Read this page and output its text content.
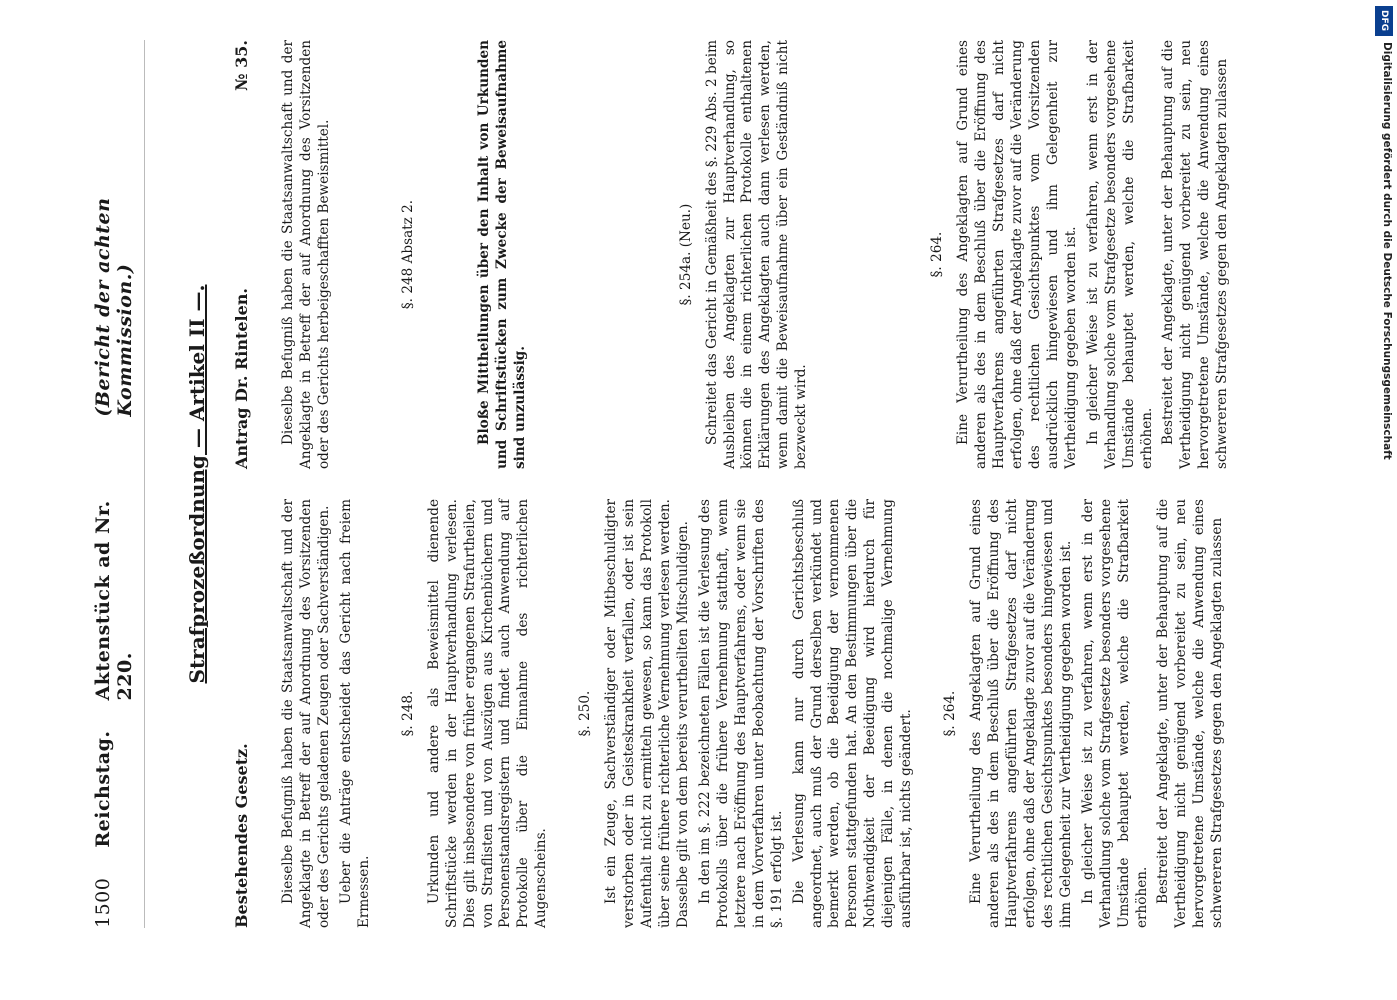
1500
Reichstag.
Aktenstück ad Nr. 220.
(Bericht der achten Kommission.) Strafprozeßordnung — Artikel II —.
Bestehendes Gesetz. Dieselbe Befugniß haben die Staatsanwaltschaft und der Angeklagte in Betreff der auf Anordnung des Vorsitzenden oder des Gerichts geladenen Zeugen oder Sachverständigen. Ueber die Anträge entscheidet das Gericht nach freiem Ermessen.

§. 248. Urkunden und andere als Beweismittel dienende Schriftstücke werden in der Hauptverhandlung verlesen. Dies gilt insbesondere von früher ergangenen Strafurtheilen, von Straflisten und von Auszügen aus Kirchenbüchern und Personenstandsregistern und findet auch Anwendung auf Protokolle über die Einnahme des richterlichen Augenscheins.

§. 250. Ist ein Zeuge, Sachverständiger oder Mitbeschuldigter verstorben oder in Geisteskrankheit verfallen, oder ist sein Aufenthalt nicht zu ermitteln gewesen, so kann das Protokoll über seine frühere richterliche Vernehmung verlesen werden. Dasselbe gilt von dem bereits verurtheilten Mitschuldigen. In den im §. 222 bezeichneten Fällen ist die Verlesung des Protokolls über die frühere Vernehmung statthaft, wenn letztere nach Eröffnung des Hauptverfahrens, oder wenn sie in dem Vorverfahren unter Beobachtung der Vorschriften des §. 191 erfolgt ist. Die Verlesung kann nur durch Gerichtsbeschluß angeordnet, auch muß der Grund derselben verkündet und bemerkt werden, ob die Beeidigung der vernommenen Personen stattgefunden hat. An den Bestimmungen über die Nothwendigkeit der Beeidigung wird hierdurch für diejenigen Fälle, in denen die nochmalige Vernehmung ausführbar ist, nichts geändert. §. 264. Eine Verurtheilung des Angeklagten auf Grund eines anderen als des in dem Beschluß über die Eröffnung des Hauptverfahrens angeführten Strafgesetzes darf nicht erfolgen, ohne daß der Angeklagte zuvor auf die Veränderung des rechtlichen Gesichtspunktes besonders hingewiesen und ihm Gelegenheit zur Vertheidigung gegeben worden ist. In gleicher Weise ist zu verfahren, wenn erst in der Verhandlung solche vom Strafgesetze besonders vorgesehene Umstände behauptet werden, welche die Strafbarkeit erhöhen. Bestreitet der Angeklagte, unter der Behauptung auf die Vertheidigung nicht genügend vorbereitet zu sein, neu hervorgetretene Umstände, welche die Anwendung eines schwereren Strafgesetzes gegen den Angeklagten zulassen

Antrag Dr. Rintelen.
№ 35. Dieselbe Befugniß haben die Staatsanwaltschaft und der Angeklagte in Betreff der auf Anordnung des Vorsitzenden oder des Gerichts herbeigeschafften Beweismittel.	§. 248 Absatz 2.	Bloße Mittheilungen über den Inhalt von Urkunden und Schriftstücken zum Zwecke der Beweisaufnahme sind unzulässig.

§. 254a. (Neu.) Schreitet das Gericht in Gemäßheit des §. 229 Abs. 2 beim Ausbleiben des Angeklagten zur Hauptverhandlung, so können die in einem richterlichen Protokolle enthaltenen Erklärungen des Angeklagten auch dann verlesen werden, wenn damit die Beweisaufnahme über ein Geständniß nicht bezweckt wird.

§. 264. Eine Verurtheilung des Angeklagten auf Grund eines anderen als des in dem Beschluß über die Eröffnung des Hauptverfahrens angeführten Strafgesetzes darf nicht erfolgen, ohne daß der Angeklagte zuvor auf die Veränderung des rechtlichen Gesichtspunktes vom Vorsitzenden ausdrücklich hingewiesen und ihm Gelegenheit zur Vertheidigung gegeben worden ist. In gleicher Weise ist zu verfahren, wenn erst in der Verhandlung solche vom Strafgesetze besonders vorgesehene Umstände behauptet werden, welche die Strafbarkeit erhöhen. Bestreitet der Angeklagte, unter der Behauptung auf die Vertheidigung nicht genügend vorbereitet zu sein, neu hervorgetretene Umstände, welche die Anwendung eines schwereren Strafgesetzes gegen den Angeklagten zulassen

DFG
Digitalisierung gefördert durch die Deutsche Forschungsgemeinschaft
